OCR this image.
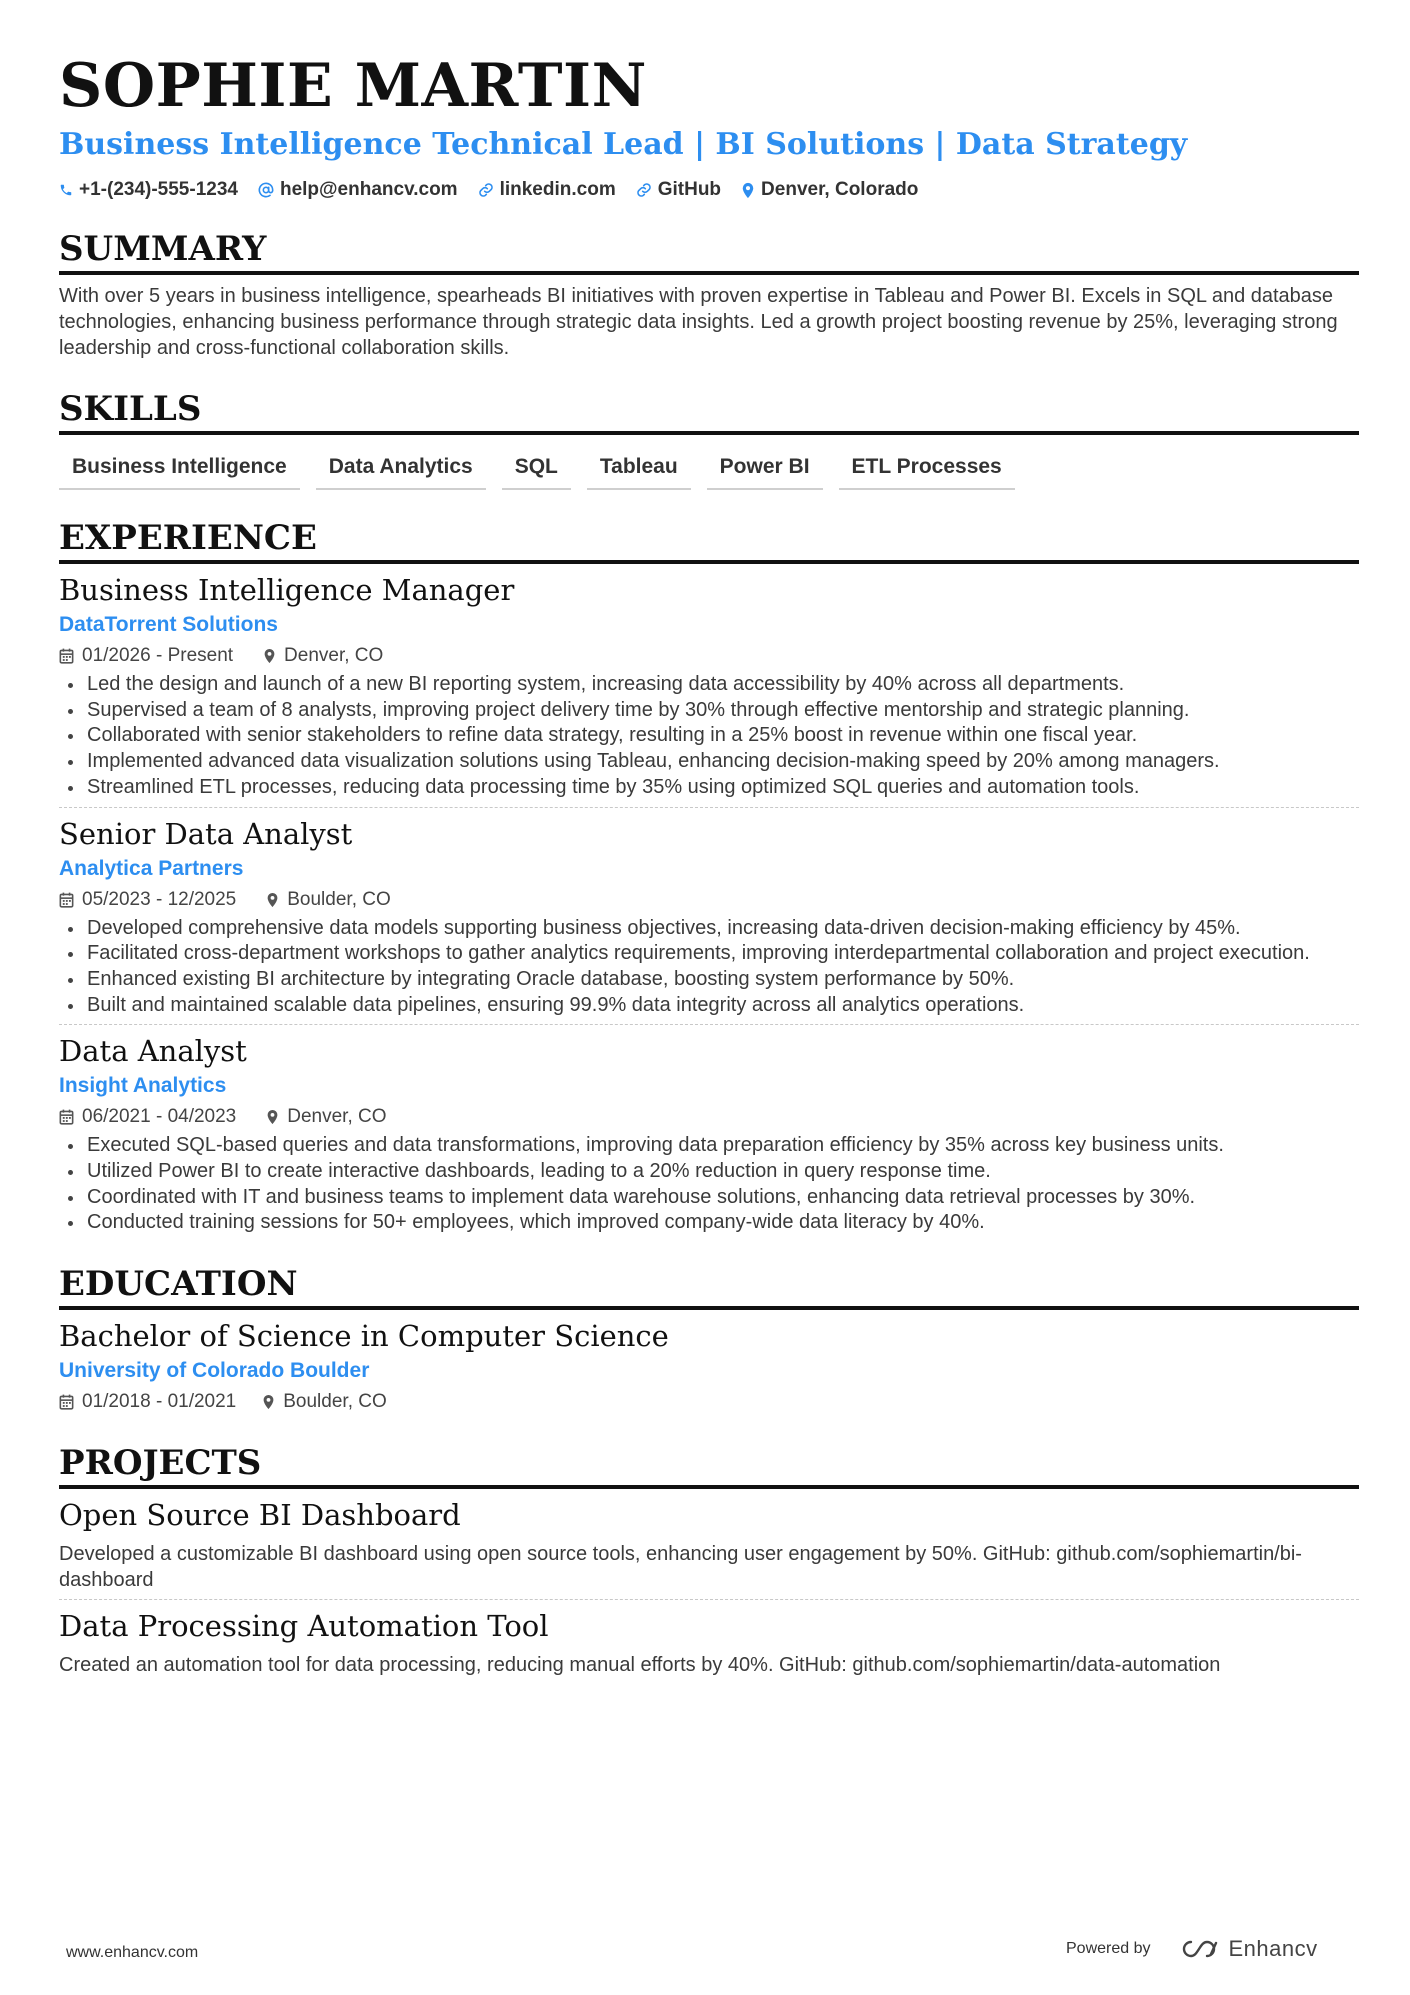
SOPHIE MARTIN
Business Intelligence Technical Lead | BI Solutions | Data Strategy
+1-(234)-555-1234 help@enhancv.com linkedin.com GitHub Denver, Colorado
SUMMARY
With over 5 years in business intelligence, spearheads BI initiatives with proven expertise in Tableau and Power BI. Excels in SQL and database technologies, enhancing business performance through strategic data insights. Led a growth project boosting revenue by 25%, leveraging strong leadership and cross-functional collaboration skills.
SKILLS
Business Intelligence	Data Analytics	SQL	Tableau	Power BI	ETL Processes
EXPERIENCE
Business Intelligence Manager
DataTorrent Solutions
01/2026 - Present	Denver, CO
Led the design and launch of a new BI reporting system, increasing data accessibility by 40% across all departments.
Supervised a team of 8 analysts, improving project delivery time by 30% through effective mentorship and strategic planning.
Collaborated with senior stakeholders to refine data strategy, resulting in a 25% boost in revenue within one fiscal year.
Implemented advanced data visualization solutions using Tableau, enhancing decision-making speed by 20% among managers.
Streamlined ETL processes, reducing data processing time by 35% using optimized SQL queries and automation tools.
Senior Data Analyst
Analytica Partners
05/2023 - 12/2025	Boulder, CO
Developed comprehensive data models supporting business objectives, increasing data-driven decision-making efficiency by 45%.
Facilitated cross-department workshops to gather analytics requirements, improving interdepartmental collaboration and project execution.
Enhanced existing BI architecture by integrating Oracle database, boosting system performance by 50%.
Built and maintained scalable data pipelines, ensuring 99.9% data integrity across all analytics operations.
Data Analyst
Insight Analytics
06/2021 - 04/2023	Denver, CO
Executed SQL-based queries and data transformations, improving data preparation efficiency by 35% across key business units.
Utilized Power BI to create interactive dashboards, leading to a 20% reduction in query response time.
Coordinated with IT and business teams to implement data warehouse solutions, enhancing data retrieval processes by 30%.
Conducted training sessions for 50+ employees, which improved company-wide data literacy by 40%.
EDUCATION
Bachelor of Science in Computer Science
University of Colorado Boulder
01/2018 - 01/2021 Boulder, CO
PROJECTS
Open Source BI Dashboard
Developed a customizable BI dashboard using open source tools, enhancing user engagement by 50%. GitHub: github.com/sophiemartin/bi-dashboard
Data Processing Automation Tool
Created an automation tool for data processing, reducing manual efforts by 40%. GitHub: github.com/sophiemartin/data-automation
www.enhancv.com	Powered by	Enhancv
